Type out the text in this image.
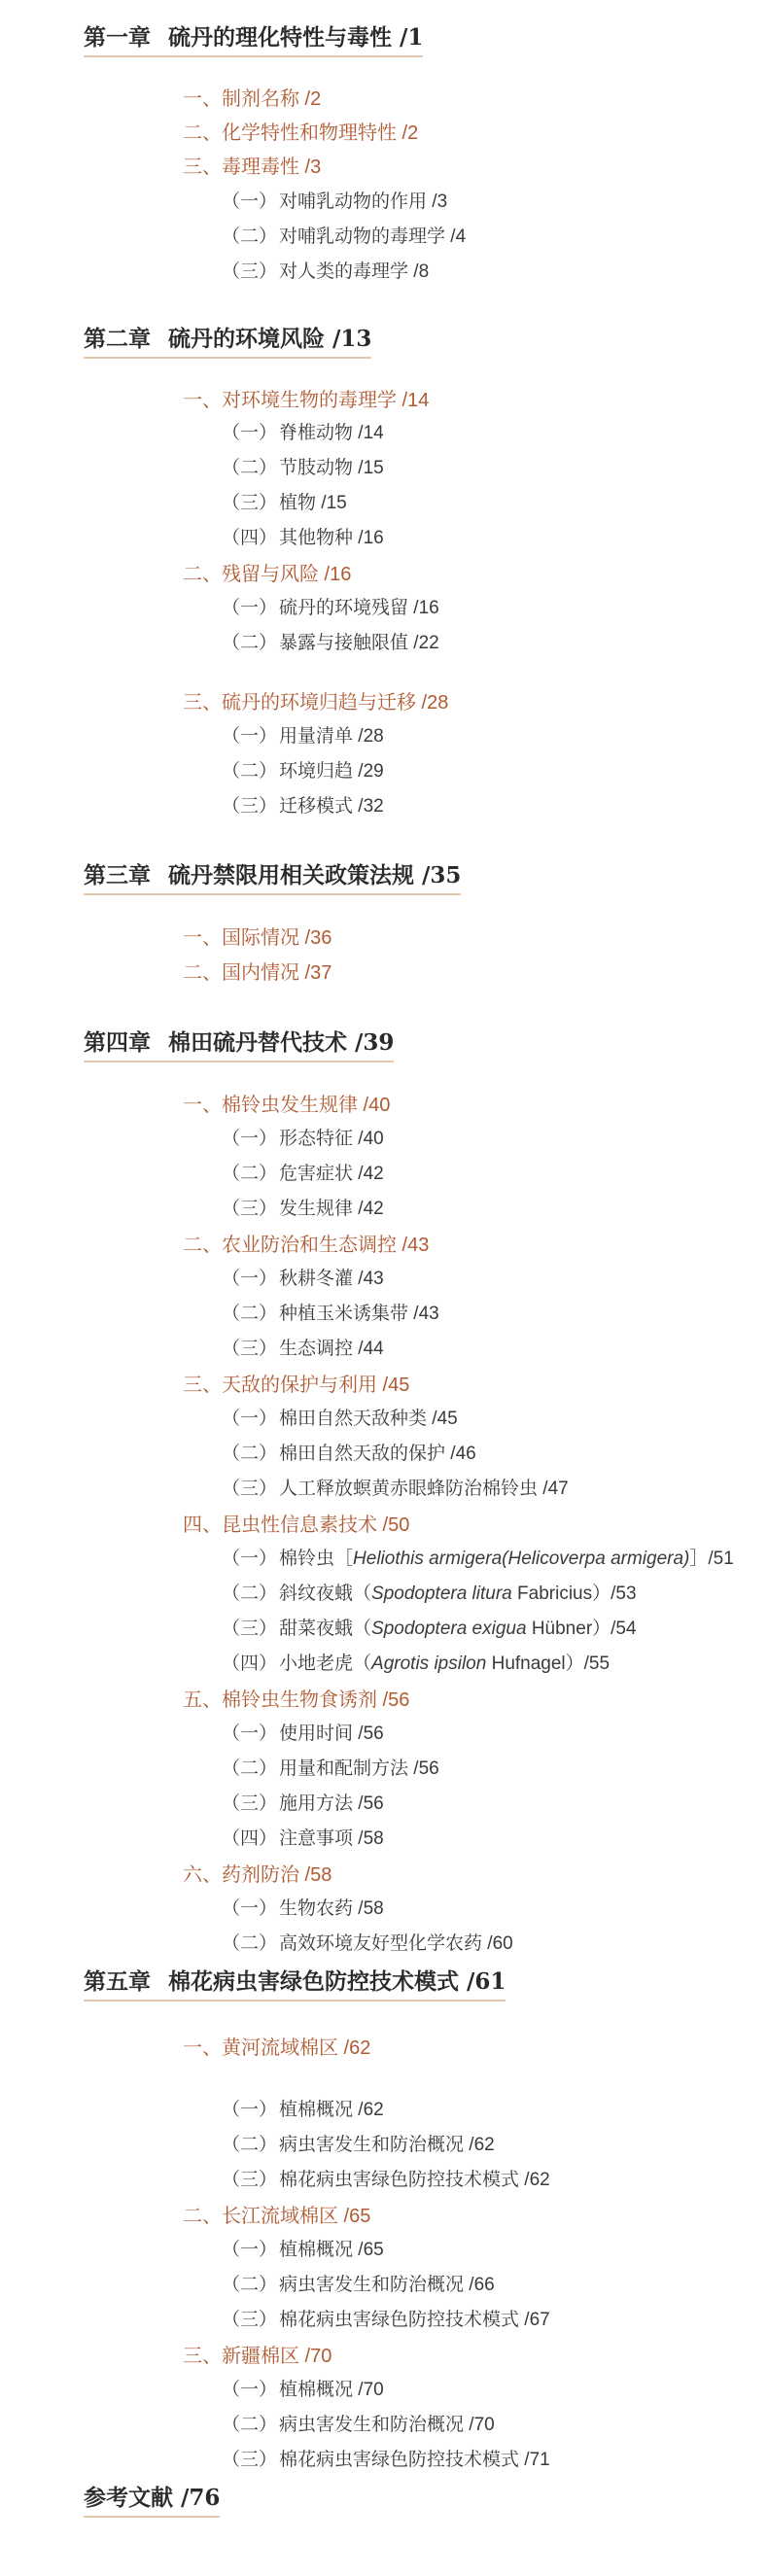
第一章 硫丹的理化特性与毒性 /1
一、制剂名称 /2
二、化学特性和物理特性 /2
三、毒理毒性 /3
（一） 对哺乳动物的作用 /3
（二） 对哺乳动物的毒理学 /4
（三） 对人类的毒理学 /8
第二章 硫丹的环境风险 /13
一、对环境生物的毒理学 /14
（一） 脊椎动物 /14
（二） 节肢动物 /15
（三） 植物 /15
（四） 其他物种 /16
二、残留与风险 /16
（一） 硫丹的环境残留 /16
（二） 暴露与接触限值 /22
三、硫丹的环境归趋与迁移 /28
（一） 用量清单 /28
（二） 环境归趋 /29
（三） 迁移模式 /32
第三章 硫丹禁限用相关政策法规 /35
一、国际情况 /36
二、国内情况 /37
第四章 棉田硫丹替代技术 /39
一、棉铃虫发生规律 /40
（一） 形态特征 /40
（二） 危害症状 /42
（三） 发生规律 /42
二、农业防治和生态调控 /43
（一） 秋耕冬灌 /43
（二） 种植玉米诱集带 /43
（三） 生态调控 /44
三、天敌的保护与利用 /45
（一） 棉田自然天敌种类 /45
（二） 棉田自然天敌的保护 /46
（三） 人工释放螟黄赤眼蜂防治棉铃虫 /47
四、昆虫性信息素技术 /50
（一） 棉铃虫［Heliothis armigera(Helicoverpa armigera)］/51
（二） 斜纹夜蛾（Spodoptera litura Fabricius）/53
（三） 甜菜夜蛾（Spodoptera exigua Hübner）/54
（四） 小地老虎（Agrotis ipsilon Hufnagel）/55
五、棉铃虫生物食诱剂 /56
（一） 使用时间 /56
（二） 用量和配制方法 /56
（三） 施用方法 /56
（四） 注意事项 /58
六、药剂防治 /58
（一） 生物农药 /58
（二） 高效环境友好型化学农药 /60
第五章 棉花病虫害绿色防控技术模式 /61
一、黄河流域棉区 /62
（一） 植棉概况 /62
（二） 病虫害发生和防治概况 /62
（三） 棉花病虫害绿色防控技术模式 /62
二、长江流域棉区 /65
（一） 植棉概况 /65
（二） 病虫害发生和防治概况 /66
（三） 棉花病虫害绿色防控技术模式 /67
三、新疆棉区 /70
（一） 植棉概况 /70
（二） 病虫害发生和防治概况 /70
（三） 棉花病虫害绿色防控技术模式 /71
参考文献 /76
